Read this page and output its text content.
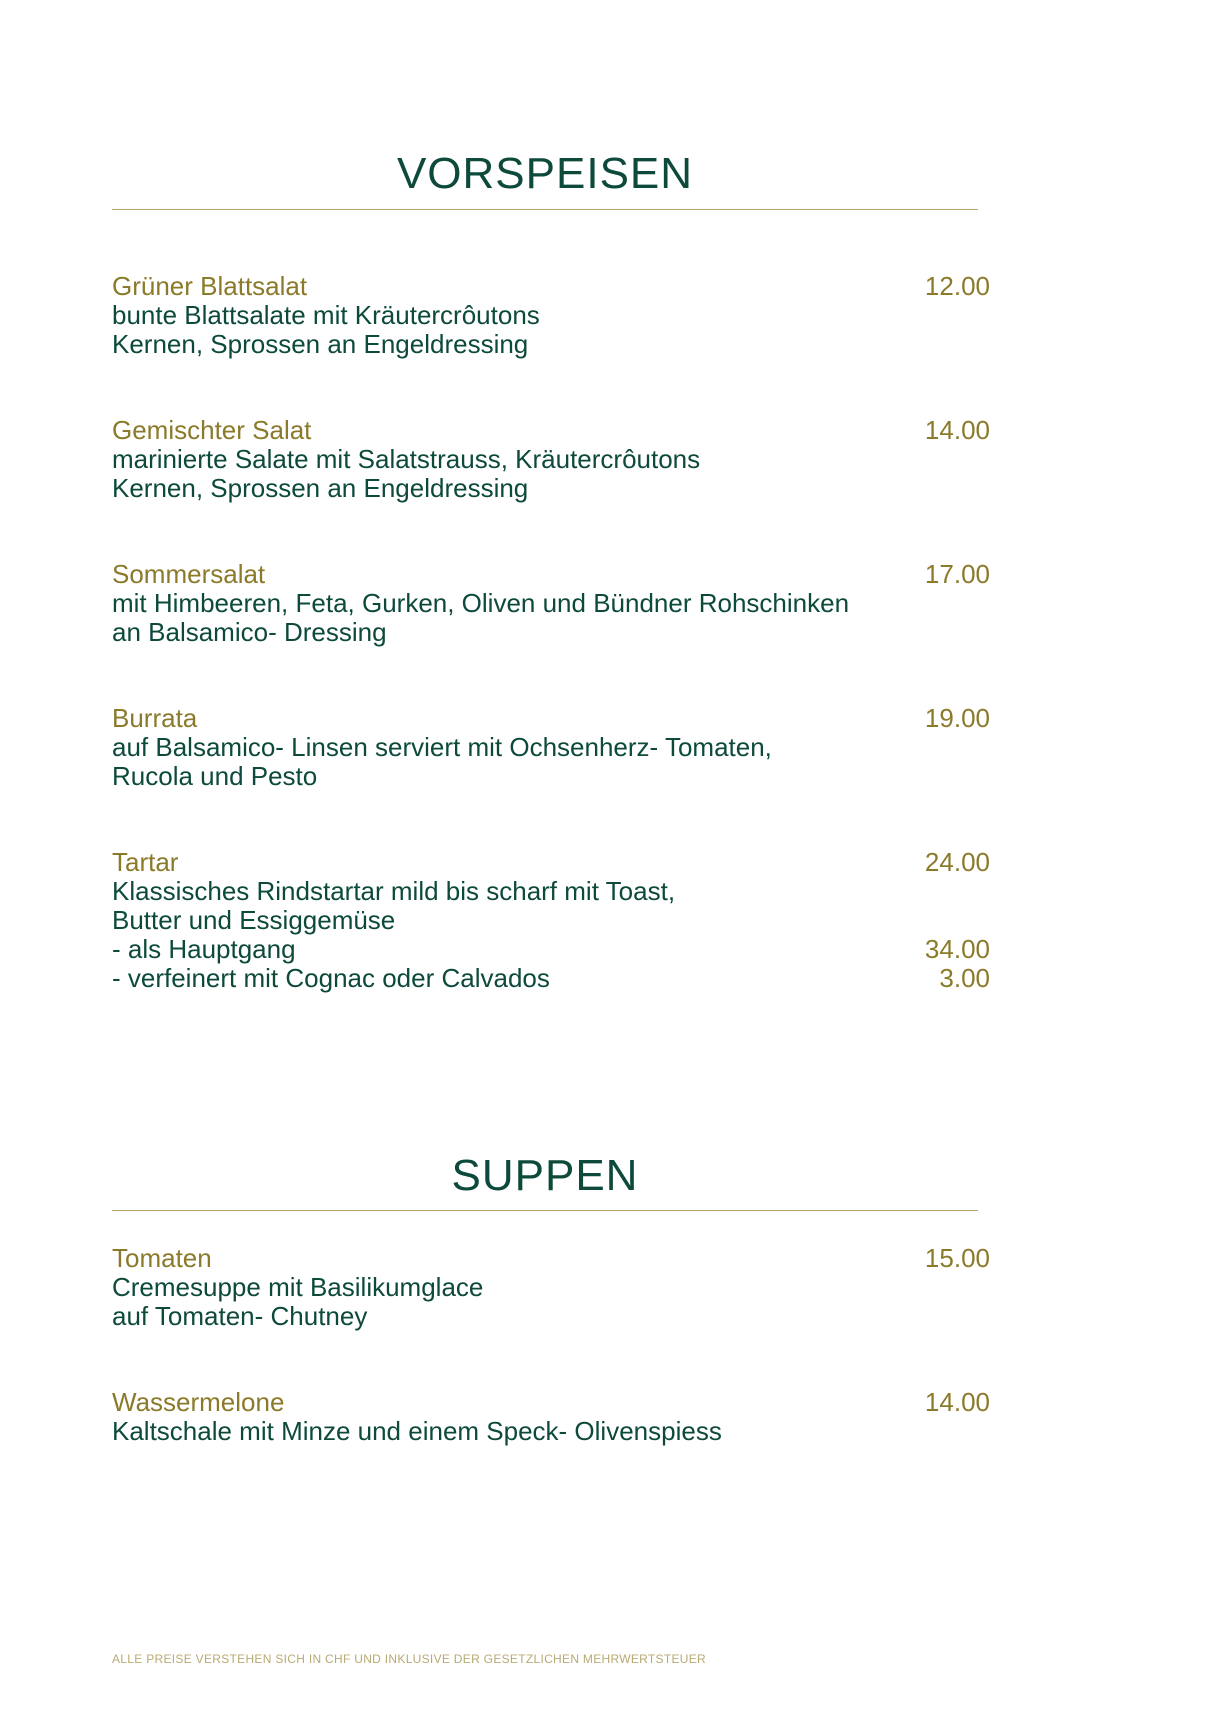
VORSPEISEN
Grüner Blattsalat	12.00
bunte Blattsalate mit Kräutercrôutons
Kernen, Sprossen an Engeldressing
Gemischter Salat	14.00
marinierte Salate mit Salatstrauss, Kräutercrôutons
Kernen, Sprossen an Engeldressing
Sommersalat	17.00
mit Himbeeren, Feta, Gurken, Oliven und Bündner Rohschinken
an Balsamico- Dressing
Burrata	19.00
auf Balsamico- Linsen serviert mit Ochsenherz- Tomaten,
Rucola und Pesto
Tartar	24.00
Klassisches Rindstartar mild bis scharf mit Toast,
Butter und Essiggemüse
- als Hauptgang	34.00
- verfeinert mit Cognac oder Calvados	3.00
SUPPEN
Tomaten	15.00
Cremesuppe mit Basilikumglace
auf Tomaten- Chutney
Wassermelone	14.00
Kaltschale mit Minze und einem Speck- Olivenspiess
ALLE PREISE VERSTEHEN SICH IN CHF UND INKLUSIVE DER GESETZLICHEN MEHRWERTSTEUER
